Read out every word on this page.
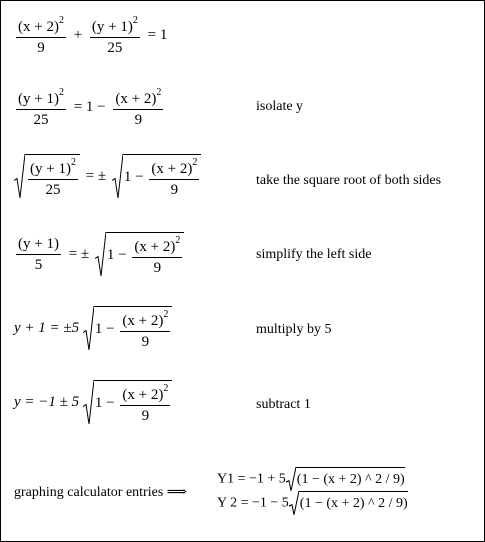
$\frac{(x + 2)^2}{9} + \frac{(y + 1)^2}{25} = 1$
$\frac{(y + 1)^2}{25} = 1 - \frac{(x + 2)^2}{9}$	isolate y
$\frac{(y + 1)^2}{25}$ = ± $1 - \frac{(x + 2)^2}{9}$	take the square root of both sides
$\frac{(y + 1)}{5}$ = ± $1 - \frac{(x + 2)^2}{9}$	simplify the left side
y + 1 = ±5 $1 - \frac{(x + 2)^2}{9}$	multiply by 5
y = −1 ± 5 $1 - \frac{(x + 2)^2}{9}$	subtract 1
graphing calculator entries ⟹
Y1 = −1 + 5 (1 − (x + 2) ^ 2 / 9)
Y 2 = −1 − 5 (1 − (x + 2) ^ 2 / 9)
